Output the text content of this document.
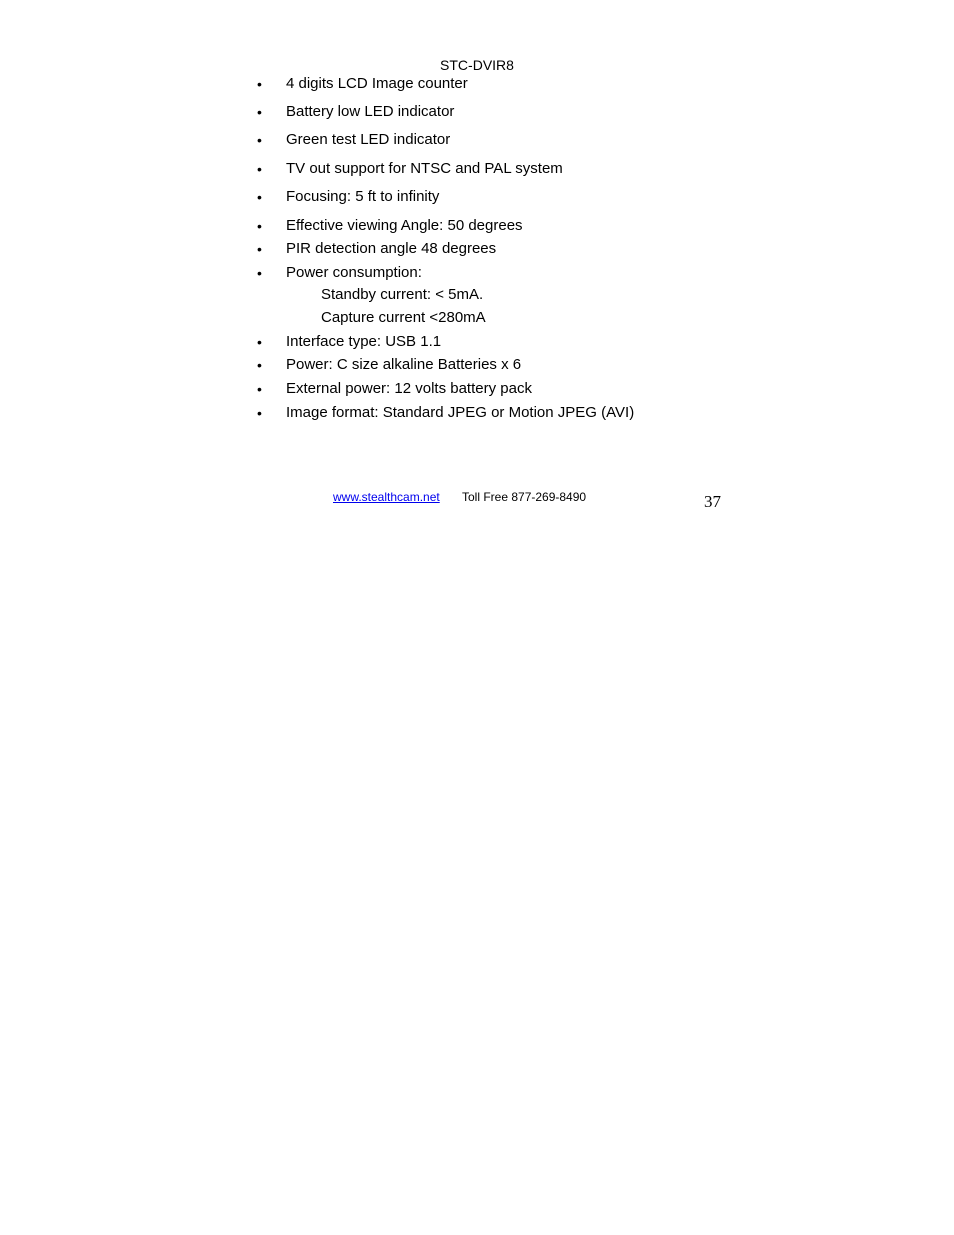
STC-DVIR8
• 4 digits LCD Image counter
• Battery low LED indicator
• Green test LED indicator
• TV out support for NTSC and PAL system
• Focusing: 5 ft to infinity
• Effective viewing Angle: 50 degrees
• PIR detection angle 48 degrees
• Power consumption:
Standby current: < 5mA.
Capture current <280mA
• Interface type: USB 1.1
• Power: C size alkaline Batteries x 6
• External power: 12 volts battery pack
• Image format: Standard JPEG or Motion JPEG (AVI)
www.stealthcam.net Toll Free 877-269-8490	37
